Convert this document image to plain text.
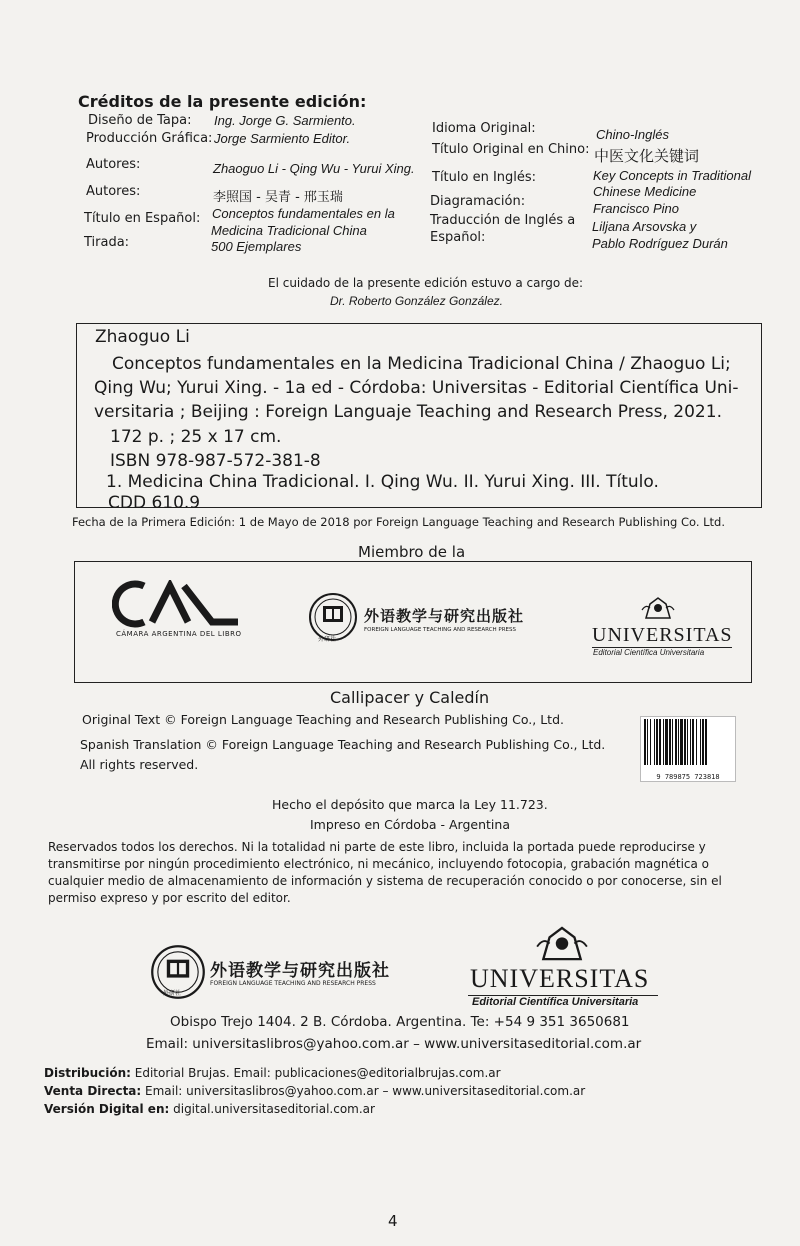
Créditos de la presente edición:
Diseño de Tapa:
Producción Gráfica:
Autores:
Autores:
Título en Español:
Tirada:
Ing. Jorge G. Sarmiento.
Jorge Sarmiento Editor.
Zhaoguo Li - Qing Wu - Yurui Xing.
李照国 - 吴青 - 邢玉瑞
Conceptos fundamentales en la
Medicina Tradicional China
500 Ejemplares
Idioma Original:
Título Original en Chino:
Título en Inglés:
Diagramación:
Traducción de Inglés a
Español:
Chino-Inglés
中医文化关键词
Key Concepts in Traditional
Chinese Medicine
Francisco Pino
Liljana Arsovska y
Pablo Rodríguez Durán
El cuidado de la presente edición estuvo a cargo de:
Dr. Roberto González González.
Zhaoguo Li
Conceptos fundamentales en la Medicina Tradicional China / Zhaoguo Li;
Qing Wu; Yurui Xing. - 1a ed - Córdoba: Universitas - Editorial Científica Uni-
versitaria ; Beijing : Foreign Languaje Teaching and Research Press, 2021.
172 p. ; 25 x 17 cm.
ISBN 978-987-572-381-8
1. Medicina China Tradicional. I. Qing Wu. II. Yurui Xing. III. Título.
CDD 610.9
Fecha de la Primera Edición: 1 de Mayo de 2018 por Foreign Language Teaching and Research Publishing Co. Ltd.
Miembro de la
CÁMARA ARGENTINA DEL LIBRO
外研社
外语教学与研究出版社
FOREIGN LANGUAGE TEACHING AND RESEARCH PRESS	UNIVERSITAS
Editorial Científica Universitaria
Callipacer y Caledín
Original Text © Foreign Language Teaching and Research Publishing Co., Ltd.
Spanish Translation © Foreign Language Teaching and Research Publishing Co., Ltd.
All rights reserved.
9 789875 723818
Hecho el depósito que marca la Ley 11.723.
Impreso en Córdoba - Argentina
Reservados todos los derechos. Ni la totalidad ni parte de este libro, incluida la portada puede reproducirse y
transmitirse por ningún procedimiento electrónico, ni mecánico, incluyendo fotocopia, grabación magnética o
cualquier medio de almacenamiento de información y sistema de recuperación conocido o por conocerse, sin el
permiso expreso y por escrito del editor.
外研社
外语教学与研究出版社
FOREIGN LANGUAGE TEACHING AND RESEARCH PRESS	UNIVERSITAS
Editorial Científica Universitaria
Obispo Trejo 1404. 2 B. Córdoba. Argentina. Te: +54 9 351 3650681
Email: universitaslibros@yahoo.com.ar – www.universitaseditorial.com.ar
Distribución: Editorial Brujas. Email: publicaciones@editorialbrujas.com.ar
Venta Directa: Email: universitaslibros@yahoo.com.ar – www.universitaseditorial.com.ar
Versión Digital en: digital.universitaseditorial.com.ar
4
